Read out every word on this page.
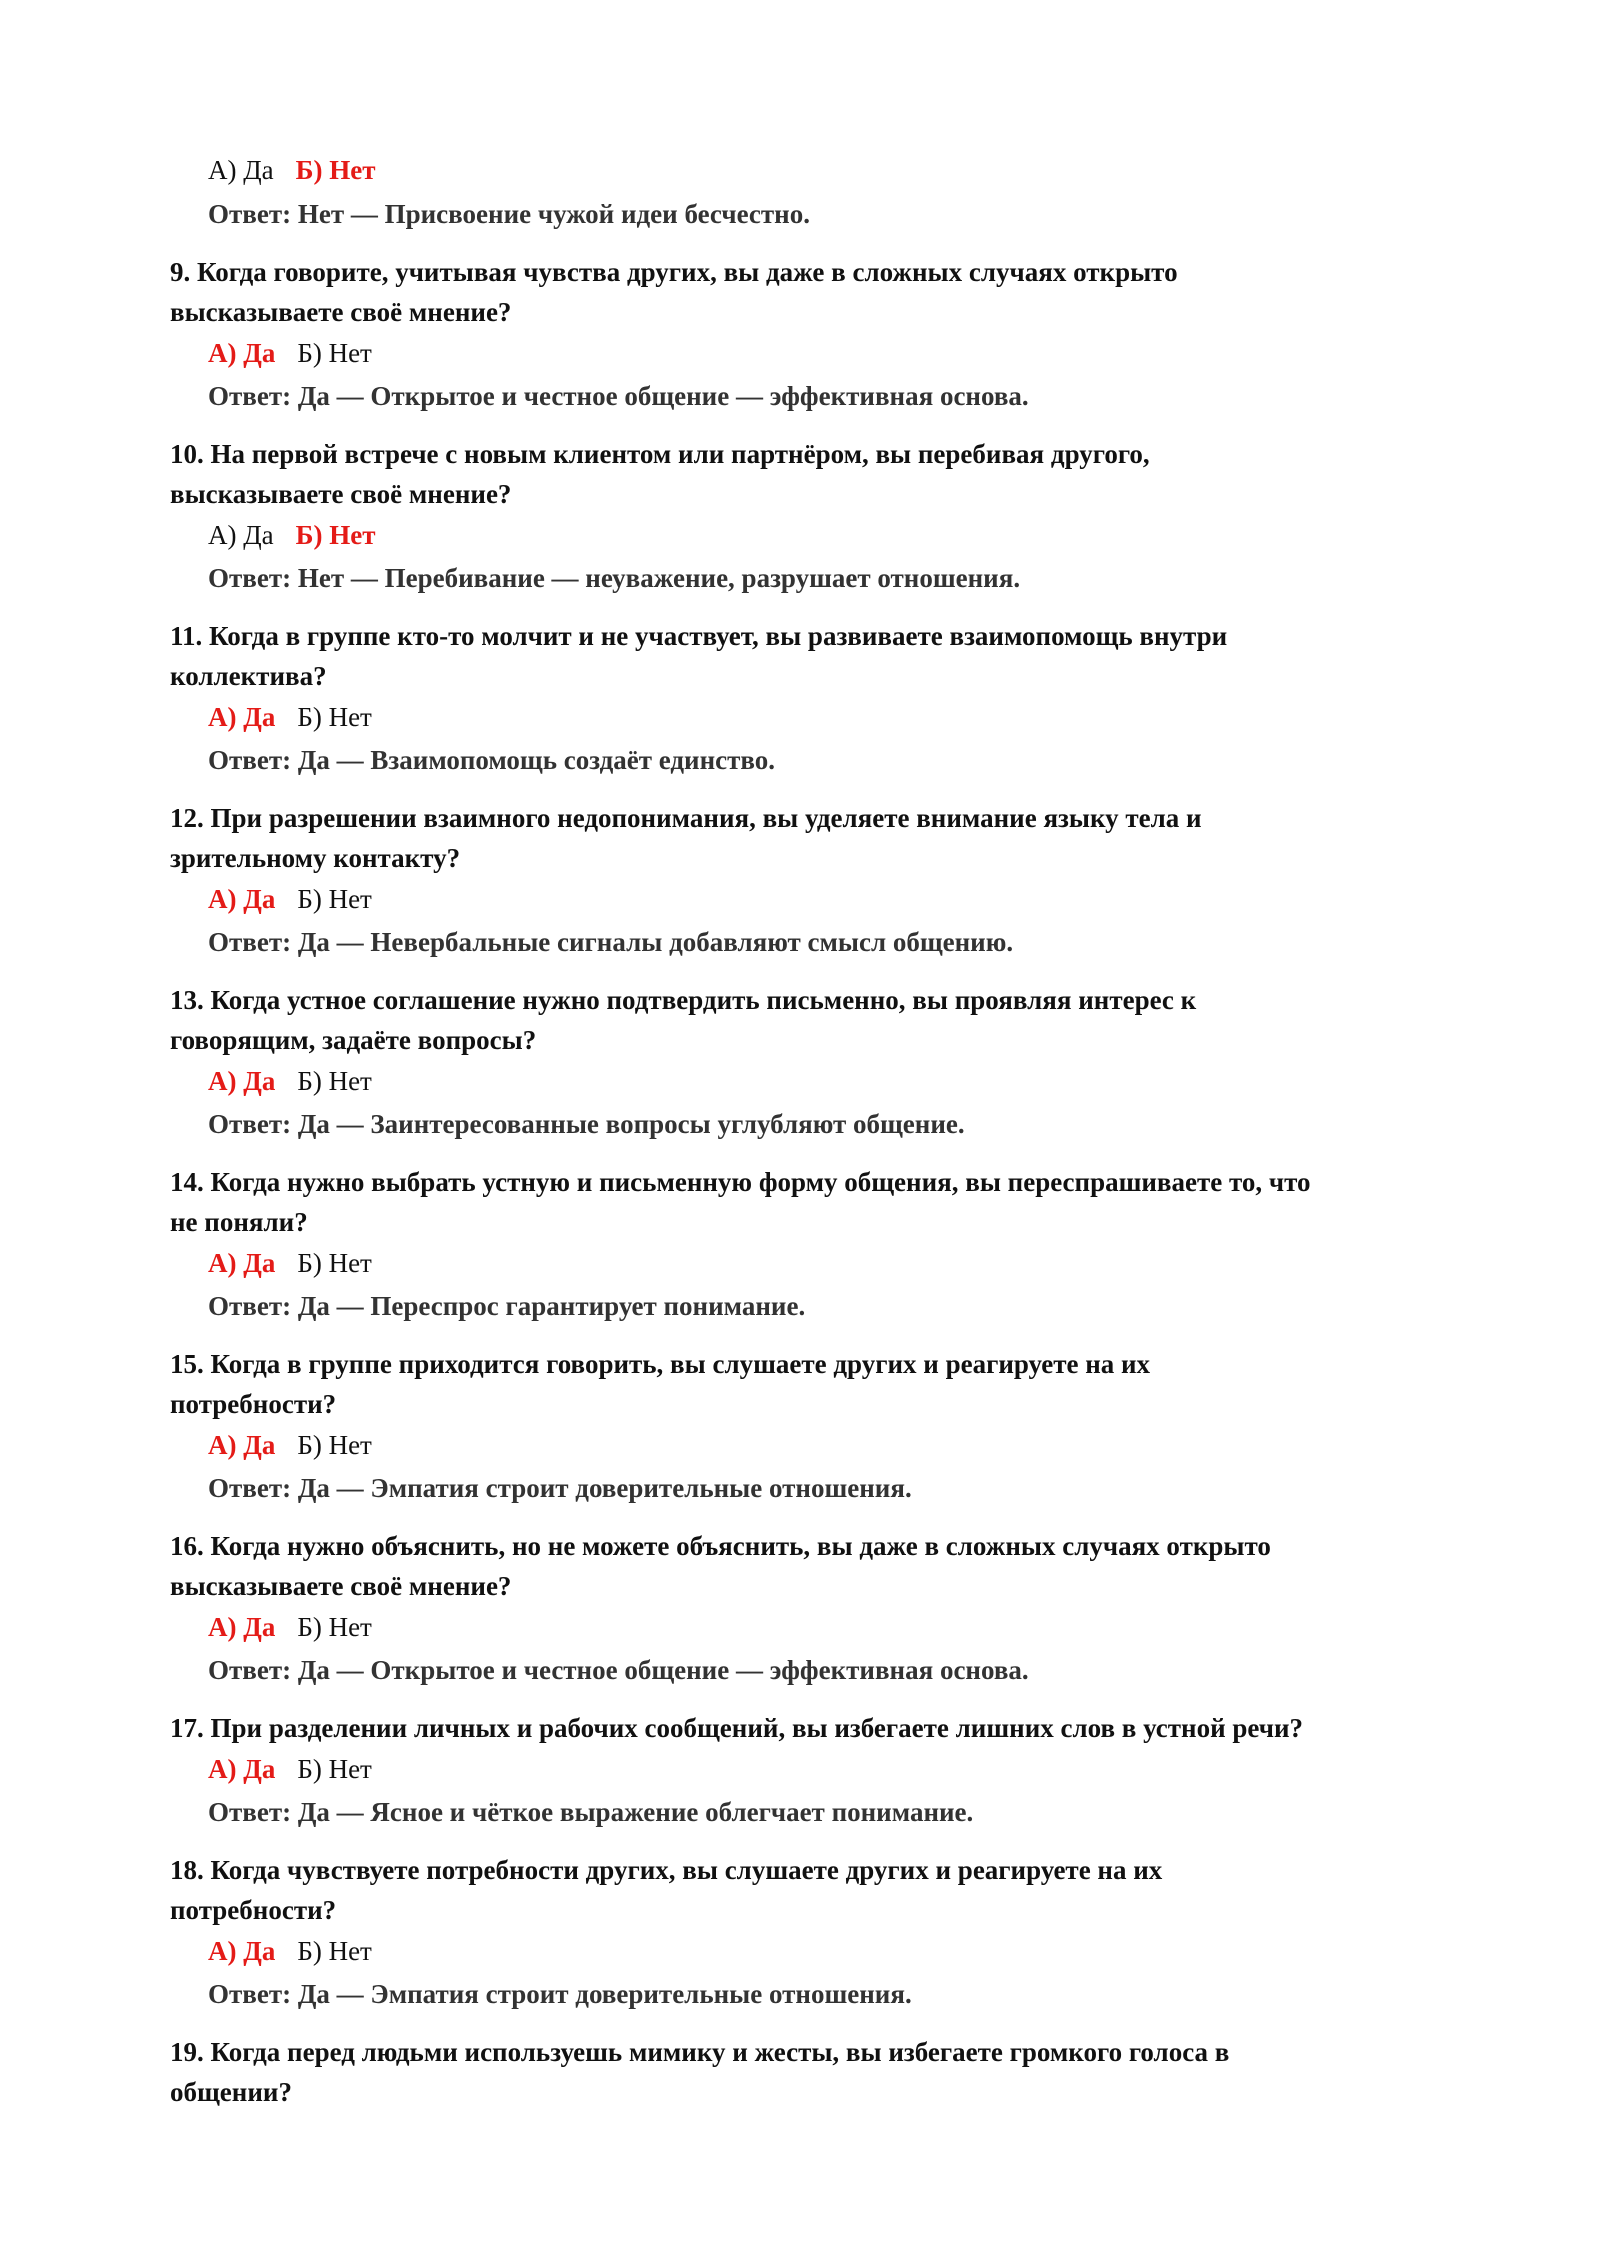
А) Да Б) Нет
Ответ: Нет — Присвоение чужой идеи бесчестно.
9. Когда говорите, учитывая чувства других, вы даже в сложных случаях открыто
высказываете своё мнение?
А) Да Б) Нет
Ответ: Да — Открытое и честное общение — эффективная основа.
10. На первой встрече с новым клиентом или партнёром, вы перебивая другого,
высказываете своё мнение?
А) Да Б) Нет
Ответ: Нет — Перебивание — неуважение, разрушает отношения.
11. Когда в группе кто-то молчит и не участвует, вы развиваете взаимопомощь внутри
коллектива?
А) Да Б) Нет
Ответ: Да — Взаимопомощь создаёт единство.
12. При разрешении взаимного недопонимания, вы уделяете внимание языку тела и
зрительному контакту?
А) Да Б) Нет
Ответ: Да — Невербальные сигналы добавляют смысл общению.
13. Когда устное соглашение нужно подтвердить письменно, вы проявляя интерес к
говорящим, задаёте вопросы?
А) Да Б) Нет
Ответ: Да — Заинтересованные вопросы углубляют общение.
14. Когда нужно выбрать устную и письменную форму общения, вы переспрашиваете то, что
не поняли?
А) Да Б) Нет
Ответ: Да — Переспрос гарантирует понимание.
15. Когда в группе приходится говорить, вы слушаете других и реагируете на их
потребности?
А) Да Б) Нет
Ответ: Да — Эмпатия строит доверительные отношения.
16. Когда нужно объяснить, но не можете объяснить, вы даже в сложных случаях открыто
высказываете своё мнение?
А) Да Б) Нет
Ответ: Да — Открытое и честное общение — эффективная основа.
17. При разделении личных и рабочих сообщений, вы избегаете лишних слов в устной речи?
А) Да Б) Нет
Ответ: Да — Ясное и чёткое выражение облегчает понимание.
18. Когда чувствуете потребности других, вы слушаете других и реагируете на их
потребности?
А) Да Б) Нет
Ответ: Да — Эмпатия строит доверительные отношения.
19. Когда перед людьми используешь мимику и жесты, вы избегаете громкого голоса в
общении?
